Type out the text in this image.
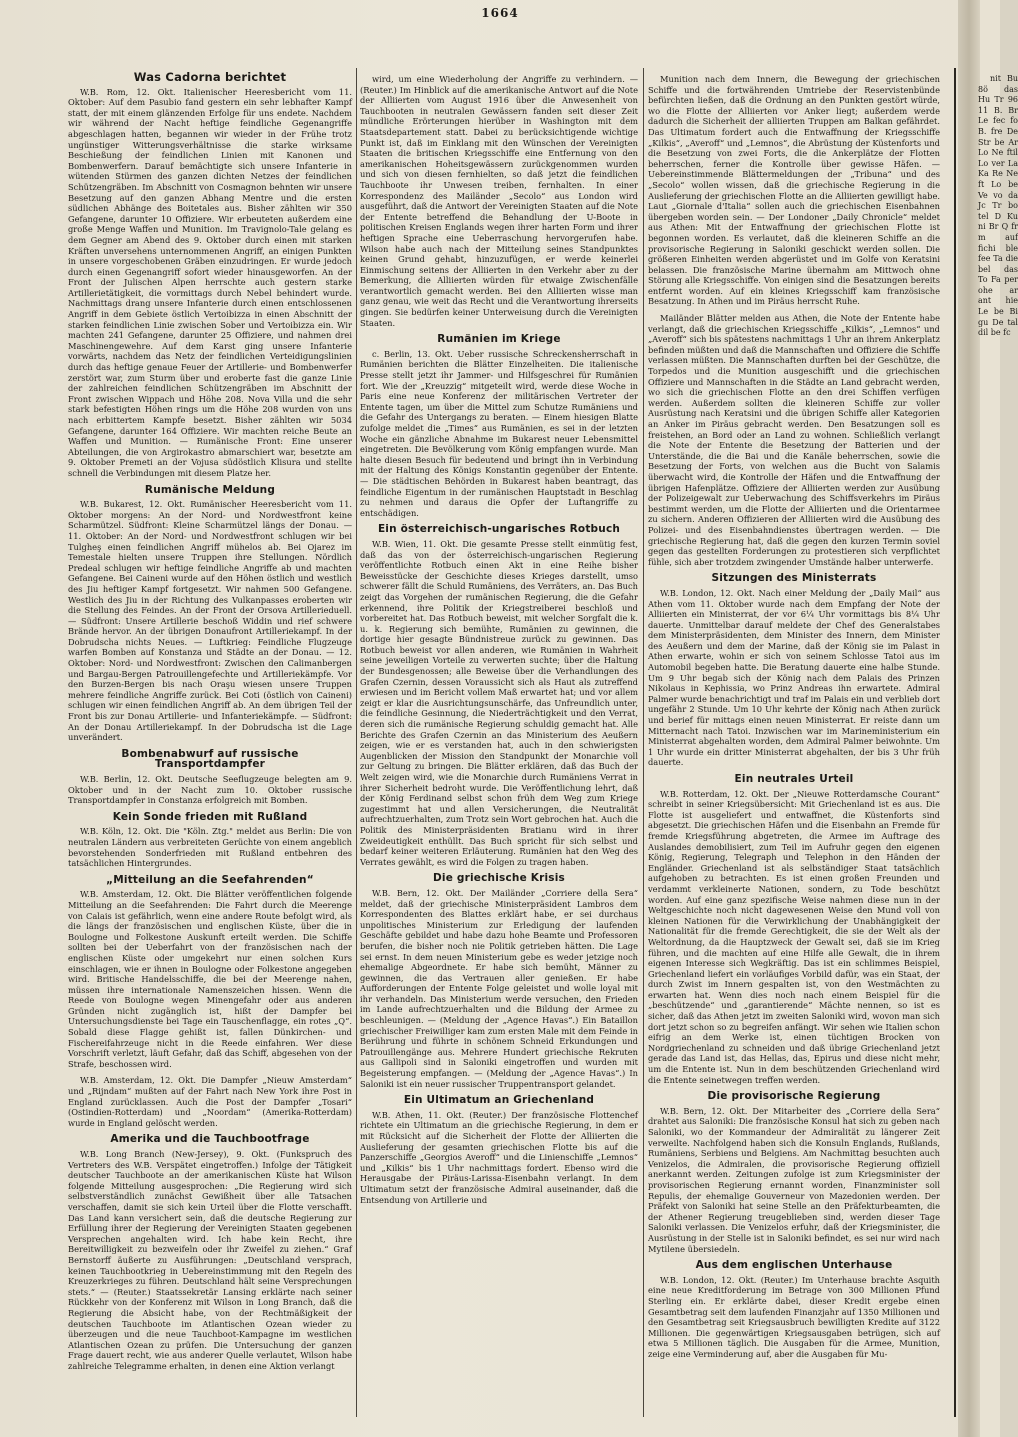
1664
Was Cadorna berichtet

W.B. Rom, 12. Okt. Italienischer Heeresbericht vom 11. Oktober: Auf dem Pasubio fand gestern ein sehr lebhafter Kampf statt, der mit einem glänzenden Erfolge für uns endete. Nachdem wir während der Nacht heftige feindliche Gegenangriffe abgeschlagen hatten, begannen wir wieder in der Frühe trotz ungünstiger Witterungsverhältnisse die starke wirksame Beschießung der feindlichen Linien mit Kanonen und Bombenwerfern. Darauf bemächtigte sich unsere Infanterie in wütenden Stürmen des ganzen dichten Netzes der feindlichen Schützengräben. Im Abschnitt von Cosmagnon behnten wir unsere Besetzung auf den ganzen Abhang Mentre und die ersten südlichen Abhänge des Boitetales aus. Bisher zählten wir 350 Gefangene, darunter 10 Offiziere. Wir erbeuteten außerdem eine große Menge Waffen und Munition. Im Travignolo-Tale gelang es dem Gegner am Abend des 9. Oktober durch einen mit starken Kräften unversehens unternommenen Angriff, an einigen Punkten in unsere vorgeschobenen Gräben einzudringen. Er wurde jedoch durch einen Gegenangriff sofort wieder hinausgeworfen. An der Front der Julischen Alpen herrschte auch gestern starke Artillerietätigkeit, die vormittags durch Nebel behindert wurde. Nachmittags drang unsere Infanterie durch einen entschlossenen Angriff in dem Gebiete östlich Vertoibizza in einen Abschnitt der starken feindlichen Linie zwischen Sober und Vertoibizza ein. Wir machten 241 Gefangene, darunter 25 Offiziere, und nahmen drei Maschinengewehre. Auf dem Karst ging unsere Infanterie vorwärts, nachdem das Netz der feindlichen Verteidigungslinien durch das heftige genaue Feuer der Artillerie- und Bombenwerfer zerstört war, zum Sturm über und eroberte fast die ganze Linie der zahlreichen feindlichen Schützengräben im Abschnitt der Front zwischen Wippach und Höhe 208. Nova Villa und die sehr stark befestigten Höhen rings um die Höhe 208 wurden von uns nach erbittertem Kampfe besetzt. Bisher zählten wir 5034 Gefangene, darunter 164 Offiziere. Wir machten reiche Beute an Waffen und Munition. — Rumänische Front: Eine unserer Abteilungen, die von Argirokastro abmarschiert war, besetzte am 9. Oktober Premeti an der Vojusa südöstlich Klisura und stellte schnell die Verbindungen mit diesem Platze her.

Rumänische Meldung

W.B. Bukarest, 12. Okt. Rumänischer Heeresbericht vom 11. Oktober morgens: An der Nord- und Nordwestfront keine Scharmützel. Südfront: Kleine Scharmützel längs der Donau. — 11. Oktober: An der Nord- und Nordwestfront schlugen wir bei Tulgheş einen feindlichen Angriff mühelos ab. Bei Ojarez im Temestale hielten unsere Truppen ihre Stellungen. Nördlich Predeal schlugen wir heftige feindliche Angriffe ab und machten Gefangene. Bei Caineni wurde auf den Höhen östlich und westlich des Jiu heftiger Kampf fortgesetzt. Wir nahmen 500 Gefangene. Westlich des Jiu in der Richtung des Vulkanpasses eroberten wir die Stellung des Feindes. An der Front der Orsova Artillerieduell. — Südfront: Unsere Artillerie beschoß Widdin und rief schwere Brände hervor. An der übrigen Donaufront Artilleriekampf. In der Dobrudscha nichts Neues. — Luftkrieg: Feindliche Flugzeuge warfen Bomben auf Konstanza und Städte an der Donau. — 12. Oktober: Nord- und Nordwestfront: Zwischen den Calimanbergen und Bargau-Bergen Patrouillengefechte und Artilleriekämpfe. Vor den Burzen-Bergen bis nach Oraşu wiesen unsere Truppen mehrere feindliche Angriffe zurück. Bei Coti (östlich von Caineni) schlugen wir einen feindlichen Angriff ab. An dem übrigen Teil der Front bis zur Donau Artillerie- und Infanteriekämpfe. — Südfront: An der Donau Artilleriekampf. In der Dobrudscha ist die Lage unverändert.

Bombenabwurf auf russische Transportdampfer

W.B. Berlin, 12. Okt. Deutsche Seeflugzeuge belegten am 9. Oktober und in der Nacht zum 10. Oktober russische Transportdampfer in Constanza erfolgreich mit Bomben.

Kein Sonde frieden mit Rußland

W.B. Köln, 12. Okt. Die "Köln. Ztg." meldet aus Berlin: Die von neutralen Ländern aus verbreiteten Gerüchte von einem angeblich bevorstehenden Sonderfrieden mit Rußland entbehren des tatsächlichen Hintergrundes.

„Mitteilung an die Seefahrenden“

W.B. Amsterdam, 12. Okt. Die Blätter veröffentlichen folgende Mitteilung an die Seefahrenden: Die Fahrt durch die Meerenge von Calais ist gefährlich, wenn eine andere Route befolgt wird, als die längs der französischen und englischen Küste, über die in Boulogne und Folkestone Auskunft erteilt werden. Die Schiffe sollten bei der Ueberfahrt von der französischen nach der englischen Küste oder umgekehrt nur einen solchen Kurs einschlagen, wie er ihnen in Boulogne oder Folkestone angegeben wird. Britische Handelsschiffe, die bei der Meerenge nahen, müssen ihre internationale Namenszeichen hissen. Wenn die Reede von Boulogne wegen Minengefahr oder aus anderen Gründen nicht zugänglich ist, hißt der Dampfer bei Untersuchungsdienste bei Tage ein Tauschenflagge, ein rotes „Q“. Sobald diese Flagge gehißt ist, fallen Dünkirchen- und Fischereifahrzeuge nicht in die Reede einfahren. Wer diese Vorschrift verletzt, läuft Gefahr, daß das Schiff, abgesehen von der Strafe, beschossen wird.

W.B. Amsterdam, 12. Okt. Die Dampfer „Nieuw Amsterdam“ und „Rijndam“ mußten auf der Fahrt nach New York ihre Post in England zurücklassen. Auch die Post der Dampfer „Tosari“ (Ostindien-Rotterdam) und „Noordam“ (Amerika-Rotterdam) wurde in England gelöscht werden.

Amerika und die Tauchbootfrage

W.B. Long Branch (New-Jersey), 9. Okt. (Funkspruch des Vertreters des W.B. Verspätet eingetroffen.) Infolge der Tätigkeit deutscher Tauchboote an der amerikanischen Küste hat Wilson folgende Mitteilung ausgesprochen: „Die Regierung wird sich selbstverständlich zunächst Gewißheit über alle Tatsachen verschaffen, damit sie sich kein Urteil über die Flotte verschafft. Das Land kann versichert sein, daß die deutsche Regierung zur Erfüllung ihrer der Regierung der Vereinigten Staaten gegebenen Versprechen angehalten wird. Ich habe kein Recht, ihre Bereitwilligkeit zu bezweifeln oder ihr Zweifel zu ziehen.“ Graf Bernstorff äußerte zu Ausführungen: „Deutschland versprach, keinen Tauchbootkrieg in Uebereinstimmung mit den Regeln des Kreuzerkrieges zu führen. Deutschland hält seine Versprechungen stets.“ — (Reuter.) Staatssekretär Lansing erklärte nach seiner Rückkehr von der Konferenz mit Wilson in Long Branch, daß die Regierung die Absicht habe, von der Rechtmäßigkeit der deutschen Tauchboote im Atlantischen Ozean wieder zu überzeugen und die neue Tauchboot-Kampagne im westlichen Atlantischen Ozean zu prüfen. Die Untersuchung der ganzen Frage dauert recht, wie aus anderer Quelle verlautet, Wilson habe zahlreiche Telegramme erhalten, in denen eine Aktion verlangt

wird, um eine Wiederholung der Angriffe zu verhindern. — (Reuter.) Im Hinblick auf die amerikanische Antwort auf die Note der Alliierten vom August 1916 über die Anwesenheit von Tauchbooten in neutralen Gewässern fanden seit dieser Zeit mündliche Erörterungen hierüber in Washington mit dem Staatsdepartement statt. Dabei zu berücksichtigende wichtige Punkt ist, daß im Einklang mit den Wünschen der Vereinigten Staaten die britischen Kriegsschiffe eine Entfernung von den amerikanischen Hoheitsgewässern zurückgenommen wurden und sich von diesen fernhielten, so daß jetzt die feindlichen Tauchboote ihr Unwesen treiben, fernhalten. In einer Korrespondenz des Mailänder „Secolo“ aus London wird ausgeführt, daß die Antwort der Vereinigten Staaten auf die Note der Entente betreffend die Behandlung der U-Boote in politischen Kreisen Englands wegen ihrer harten Form und ihrer heftigen Sprache eine Ueberraschung hervorgerufen habe. Wilson habe auch nach der Mitteilung seines Standpunktes keinen Grund gehabt, hinzuzufügen, er werde keinerlei Einmischung seitens der Alliierten in den Verkehr aber zu der Bemerkung, die Alliierten würden für etwaige Zwischenfälle verantwortlich gemacht werden. Bei den Alliierten wisse man ganz genau, wie weit das Recht und die Verantwortung ihrerseits gingen. Sie bedürfen keiner Unterweisung durch die Vereinigten Staaten.

Rumänien im Kriege

c. Berlin, 13. Okt. Ueber russische Schreckensherrschaft in Rumänien berichten die Blätter Einzelheiten. Die italienische Presse stellt jetzt ihr Jammer- und Hilfsgeschrei für Rumänien fort. Wie der „Kreuzzig“ mitgeteilt wird, werde diese Woche in Paris eine neue Konferenz der militärischen Vertreter der Entente tagen, um über die Mittel zum Schutze Rumäniens und die Gefahr des Untergangs zu beraten. — Einem hiesigen Blatte zufolge meldet die „Times“ aus Rumänien, es sei in der letzten Woche ein gänzliche Abnahme im Bukarest neuer Lebensmittel eingetreten. Die Bevölkerung vom König empfangen wurde. Man halte diesen Besuch für bedeutend und bringt ihn in Verbindung mit der Haltung des Königs Konstantin gegenüber der Entente. — Die städtischen Behörden in Bukarest haben beantragt, das feindliche Eigentum in der rumänischen Hauptstadt in Beschlag zu nehmen und daraus die Opfer der Luftangriffe zu entschädigen.

Ein österreichisch-ungarisches Rotbuch

W.B. Wien, 11. Okt. Die gesamte Presse stellt einmütig fest, daß das von der österreichisch-ungarischen Regierung veröffentlichte Rotbuch einen Akt in eine Reihe bisher Beweisstücke der Geschichte dieses Krieges darstellt, umso schwerer fällt die Schuld Rumäniens, des Verräters, an. Das Buch zeigt das Vorgehen der rumänischen Regierung, die die Gefahr erkennend, ihre Politik der Kriegstreiberei beschloß und vorbereitet hat. Das Rotbuch beweist, mit welcher Sorgfalt die k. u. k. Regierung sich bemühte, Rumänien zu gewinnen, die dortige hier gesagte Bündnistreue zurück zu gewinnen. Das Rotbuch beweist vor allen anderen, wie Rumänien in Wahrheit seine jeweiligen Vorteile zu verwerten suchte; über die Haltung der Bundesgenossen; alle Beweise über die Verhandlungen des Grafen Czernin, dessen Voraussicht sich als Haut als zutreffend erwiesen und im Bericht vollem Maß erwartet hat; und vor allem zeigt er klar die Ausrichtungsunschärfe, das Unfreundlich unter, die feindliche Gesinnung, die Niederträchtigkeit und den Verrat, deren sich die rumänische Regierung schuldig gemacht hat. Alle Berichte des Grafen Czernin an das Ministerium des Aeußern zeigen, wie er es verstanden hat, auch in den schwierigsten Augenblicken der Mission den Standpunkt der Monarchie voll zur Geltung zu bringen. Die Blätter erklären, daß das Buch der Welt zeigen wird, wie die Monarchie durch Rumäniens Verrat in ihrer Sicherheit bedroht wurde. Die Veröffentlichung lehrt, daß der König Ferdinand selbst schon früh dem Weg zum Kriege zugestimmt hat und allen Versicherungen, die Neutralität aufrechtzuerhalten, zum Trotz sein Wort gebrochen hat. Auch die Politik des Ministerpräsidenten Bratianu wird in ihrer Zweideutigkeit enthüllt. Das Buch spricht für sich selbst und bedarf keiner weiteren Erläuterung. Rumänien hat den Weg des Verrates gewählt, es wird die Folgen zu tragen haben.

Die griechische Krisis

W.B. Bern, 12. Okt. Der Mailänder „Corriere della Sera“ meldet, daß der griechische Ministerpräsident Lambros dem Korrespondenten des Blattes erklärt habe, er sei durchaus unpolitisches Ministerium zur Erledigung der laufenden Geschäfte gebildet und habe dazu hohe Beamte und Professoren berufen, die bisher noch nie Politik getrieben hätten. Die Lage sei ernst. In dem neuen Ministerium gebe es weder jetzige noch ehemalige Abgeordnete. Er habe sich bemüht, Männer zu gewinnen, die das Vertrauen aller genießen. Er habe Aufforderungen der Entente Folge geleistet und wolle loyal mit ihr verhandeln. Das Ministerium werde versuchen, den Frieden im Lande aufrechtzuerhalten und die Bildung der Armee zu beschleunigen. — (Meldung der „Agence Havas“.) Ein Bataillon griechischer Freiwilliger kam zum ersten Male mit dem Feinde in Berührung und führte in schönem Schneid Erkundungen und Patrouillengänge aus. Mehrere Hundert griechische Rekruten aus Gallipoli sind in Saloniki eingetroffen und wurden mit Begeisterung empfangen. — (Meldung der „Agence Havas“.) In Saloniki ist ein neuer russischer Truppentransport gelandet.

Ein Ultimatum an Griechenland

W.B. Athen, 11. Okt. (Reuter.) Der französische Flottenchef richtete ein Ultimatum an die griechische Regierung, in dem er mit Rücksicht auf die Sicherheit der Flotte der Alliierten die Auslieferung der gesamten griechischen Flotte bis auf die Panzerschiffe „Georgios Averoff“ und die Linienschiffe „Lemnos“ und „Kilkis“ bis 1 Uhr nachmittags fordert. Ebenso wird die Herausgabe der Piräus-Larissa-Eisenbahn verlangt. In dem Ultimatum setzt der französische Admiral auseinander, daß die Entsendung von Artillerie und

Munition nach dem Innern, die Bewegung der griechischen Schiffe und die fortwährenden Umtriebe der Reservistenbünde befürchten ließen, daß die Ordnung an den Punkten gestört würde, wo die Flotte der Alliierten vor Anker liegt; außerdem werde dadurch die Sicherheit der alliierten Truppen am Balkan gefährdet. Das Ultimatum fordert auch die Entwaffnung der Kriegsschiffe „Kilkis“, „Averoff“ und „Lemnos“, die Abrüstung der Küstenforts und die Besetzung von zwei Forts, die die Ankerplätze der Flotten beherrschen, ferner die Kontrolle über gewisse Häfen. — Uebereinstimmende Blättermeldungen der „Tribuna“ und des „Secolo“ wollen wissen, daß die griechische Regierung in die Auslieferung der griechischen Flotte an die Alliierten gewilligt habe. Laut „Giornale d'Italia“ sollen auch die griechischen Eisenbahnen übergeben worden sein. — Der Londoner „Daily Chronicle“ meldet aus Athen: Mit der Entwaffnung der griechischen Flotte ist begonnen worden. Es verlautet, daß die kleineren Schiffe an die provisorische Regierung in Saloniki geschickt werden sollen. Die größeren Einheiten werden abgerüstet und im Golfe von Keratsini belassen. Die französische Marine übernahm am Mittwoch ohne Störung alle Kriegsschiffe. Von einigen sind die Besatzungen bereits entfernt worden. Auf ein kleines Kriegsschiff kam französische Besatzung. In Athen und im Piräus herrscht Ruhe.

Mailänder Blätter melden aus Athen, die Note der Entente habe verlangt, daß die griechischen Kriegsschiffe „Kilkis“, „Lemnos“ und „Averoff“ sich bis spätestens nachmittags 1 Uhr an ihrem Ankerplatz befinden müßten und daß die Mannschaften und Offiziere die Schiffe verlassen müßten. Die Mannschaften durften bei der Geschütze, die Torpedos und die Munition ausgeschifft und die griechischen Offiziere und Mannschaften in die Städte an Land gebracht werden, wo sich die griechischen Flotte an den drei Schiffen verfügen werden. Außerdem sollten die kleineren Schiffe zur voller Ausrüstung nach Keratsini und die übrigen Schiffe aller Kategorien an Anker im Piräus gebracht werden. Den Besatzungen soll es freistehen, an Bord oder an Land zu wohnen. Schließlich verlangt die Note der Entente die Besetzung der Batterien und der Unterstände, die die Bai und die Kanäle beherrschen, sowie die Besetzung der Forts, von welchen aus die Bucht von Salamis überwacht wird, die Kontrolle der Häfen und die Entwaffnung der übrigen Hafenplätze. Offiziere der Alliierten werden zur Ausübung der Polizeigewalt zur Ueberwachung des Schiffsverkehrs im Piräus bestimmt werden, um die Flotte der Alliierten und die Orientarmee zu sichern. Anderen Offizieren der Alliierten wird die Ausübung des Polizei- und des Eisenbahndienstes übertragen werden. — Die griechische Regierung hat, daß die gegen den kurzen Termin soviel gegen das gestellten Forderungen zu protestieren sich verpflichtet fühle, sich aber trotzdem zwingender Umstände halber unterwerfe.

Sitzungen des Ministerrats

W.B. London, 12. Okt. Nach einer Meldung der „Daily Mail“ aus Athen vom 11. Oktober wurde nach dem Empfang der Note der Alliierten ein Ministerrat, der vor 6¼ Uhr vormittags bis 8¼ Uhr dauerte. Unmittelbar darauf meldete der Chef des Generalstabes dem Ministerpräsidenten, dem Minister des Innern, dem Minister des Aeußern und dem der Marine, daß der König sie im Palast in Athen erwarte, wohin er sich von seinem Schlosse Tatoi aus im Automobil begeben hatte. Die Beratung dauerte eine halbe Stunde. Um 9 Uhr begab sich der König nach dem Palais des Prinzen Nikolaus in Kephissia, wo Prinz Andreas ihn erwartete. Admiral Palmer wurde benachrichtigt und traf im Palais ein und verblieb dort ungefähr 2 Stunde. Um 10 Uhr kehrte der König nach Athen zurück und berief für mittags einen neuen Ministerrat. Er reiste dann um Mitternacht nach Tatoi. Inzwischen war im Marineministerium ein Ministerrat abgehalten worden, dem Admiral Palmer beiwohnte. Um 1 Uhr wurde ein dritter Ministerrat abgehalten, der bis 3 Uhr früh dauerte.

Ein neutrales Urteil

W.B. Rotterdam, 12. Okt. Der „Nieuwe Rotterdamsche Courant“ schreibt in seiner Kriegsübersicht: Mit Griechenland ist es aus. Die Flotte ist ausgeliefert und entwaffnet, die Küstenforts sind abgesetzt. Die griechischen Häfen und die Eisenbahn an Fremde für fremde Kriegsführung abgetreten, die Armee im Auftrage des Auslandes demobilisiert, zum Teil im Aufruhr gegen den eigenen König, Regierung, Telegraph und Telephon in den Händen der Engländer. Griechenland ist als selbständiger Staat tatsächlich aufgehoben zu betrachten. Es ist einen großen Freunden und verdammt verkleinerte Nationen, sondern, zu Tode beschützt worden. Auf eine ganz spezifische Weise nahmen diese nun in der Weltgeschichte noch nicht dagewesenen Weise den Mund voll von kleinen Nationen für die Verwirklichung der Unabhängigkeit der Nationalität für die fremde Gerechtigkeit, die sie der Welt als der Weltordnung, da die Hauptzweck der Gewalt sei, daß sie im Krieg führen, und die machten auf eine Hilfe alle Gewalt, die in ihrem eigenen Interesse sich Wegkräftig. Das ist ein schlimmes Beispiel, Griechenland liefert ein vorläufiges Vorbild dafür, was ein Staat, der durch Zwist im Innern gespalten ist, von den Westmächten zu erwarten hat. Wenn dies noch nach einem Beispiel für die „beschützende“ und „garantierende“ Mächte nennen, so ist es sicher, daß das Athen jetzt im zweiten Saloniki wird, wovon man sich dort jetzt schon so zu begreifen anfängt. Wir sehen wie Italien schon eifrig an dem Werke ist, einen tüchtigen Brocken von Nordgriechenland zu schneiden und daß übrige Griechenland jetzt gerade das Land ist, das Hellas, das, Epirus und diese nicht mehr, um die Entente ist. Nun in dem beschützenden Griechenland wird die Entente seinetwegen treffen werden.

Die provisorische Regierung

W.B. Bern, 12. Okt. Der Mitarbeiter des „Corriere della Sera“ drahtet aus Saloniki: Die französische Konsul hat sich zu geben nach Saloniki, wo der Kommandeur der Admiralität zu längerer Zeit verweilte. Nachfolgend haben sich die Konsuln Englands, Rußlands, Rumäniens, Serbiens und Belgiens. Am Nachmittag besuchten auch Venizelos, die Admiralen, die provisorische Regierung offiziell anerkannt werden. Zeitungen zufolge ist zum Kriegsminister der provisorischen Regierung ernannt worden, Finanzminister soll Repulis, der ehemalige Gouverneur von Mazedonien werden. Der Präfekt von Saloniki hat seine Stelle an den Präfekturbeamten, die der Athener Regierung treugeblieben sind, werden dieser Tage Saloniki verlassen. Die Venizelos erfuhr, daß der Kriegsminister, die Ausrüstung in der Stelle ist in Saloniki befindet, es sei nur wird nach Mytilene übersiedeln.

Aus dem englischen Unterhause

W.B. London, 12. Okt. (Reuter.) Im Unterhause brachte Asquith eine neue Kreditforderung im Betrage von 300 Millionen Pfund Sterling ein. Er erklärte dabei, dieser Kredit ergebe einen Gesamtbetrag seit dem laufenden Finanzjahr auf 1350 Millionen und den Gesamtbetrag seit Kriegsausbruch bewilligten Kredite auf 3122 Millionen. Die gegenwärtigen Kriegsausgaben betrügen, sich auf etwa 5 Millionen täglich. Die Ausgaben für die Armee, Munition, zeige eine Verminderung auf, aber die Ausgaben für Mu-

nit Bu 8ö das Hu Tr 96 11 B. Br Le fec fo B. fre De Str be Ar Lo Ne ftil Lo ver La Ka Re Ne ft Lo be Ve vo da Jc Tr bo tel D Ku ni Br Q fr m auf fichi ble fee Ta die bel das To Fa per ohe ar ant hie Le be Bi gu De tal dil be fc
